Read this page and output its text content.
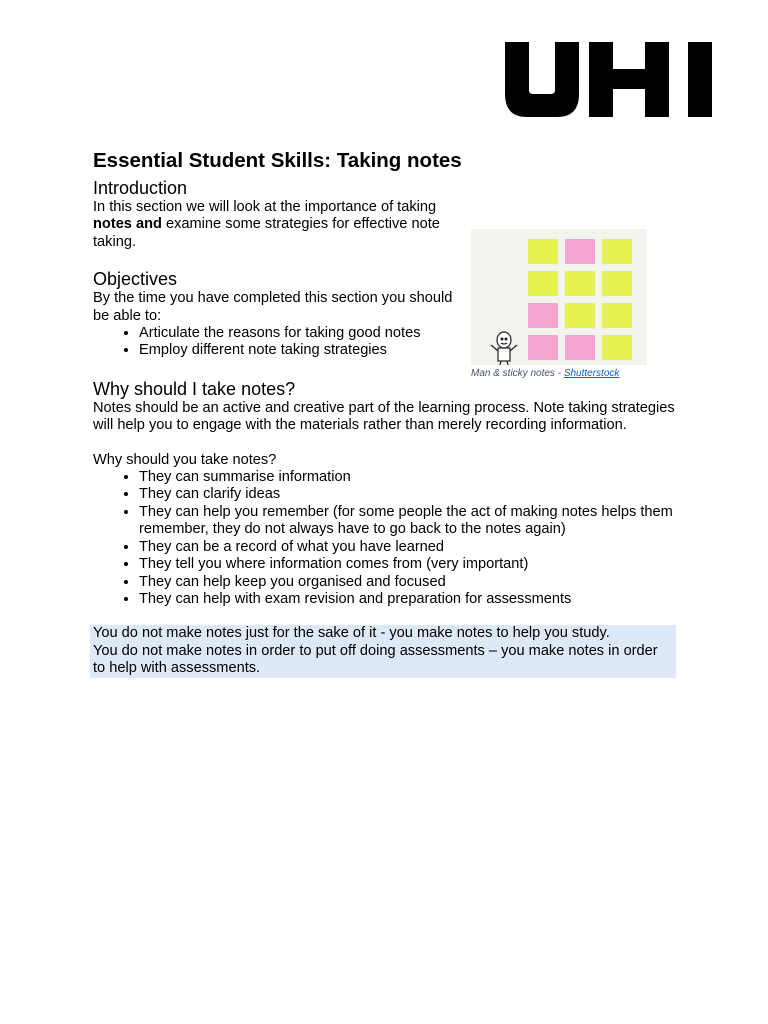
Essential Student Skills: Taking notes
Introduction

In this section we will look at the importance of taking notes and examine some strategies for effective note taking.

Objectives

By the time you have completed this section you should be able to:

• Articulate the reasons for taking good notes
• Employ different note taking strategies
Man & sticky notes - Shutterstock
Why should I take notes?

Notes should be an active and creative part of the learning process. Note taking strategies will help you to engage with the materials rather than merely recording information.

Why should you take notes?

• They can summarise information
• They can clarify ideas
• They can help you remember (for some people the act of making notes helps them remember, they do not always have to go back to the notes again)
• They can be a record of what you have learned
• They tell you where information comes from (very important)
• They can help keep you organised and focused
• They can help with exam revision and preparation for assessments

You do not make notes just for the sake of it - you make notes to help you study.

You do not make notes in order to put off doing assessments – you make notes in order to help with assessments.
